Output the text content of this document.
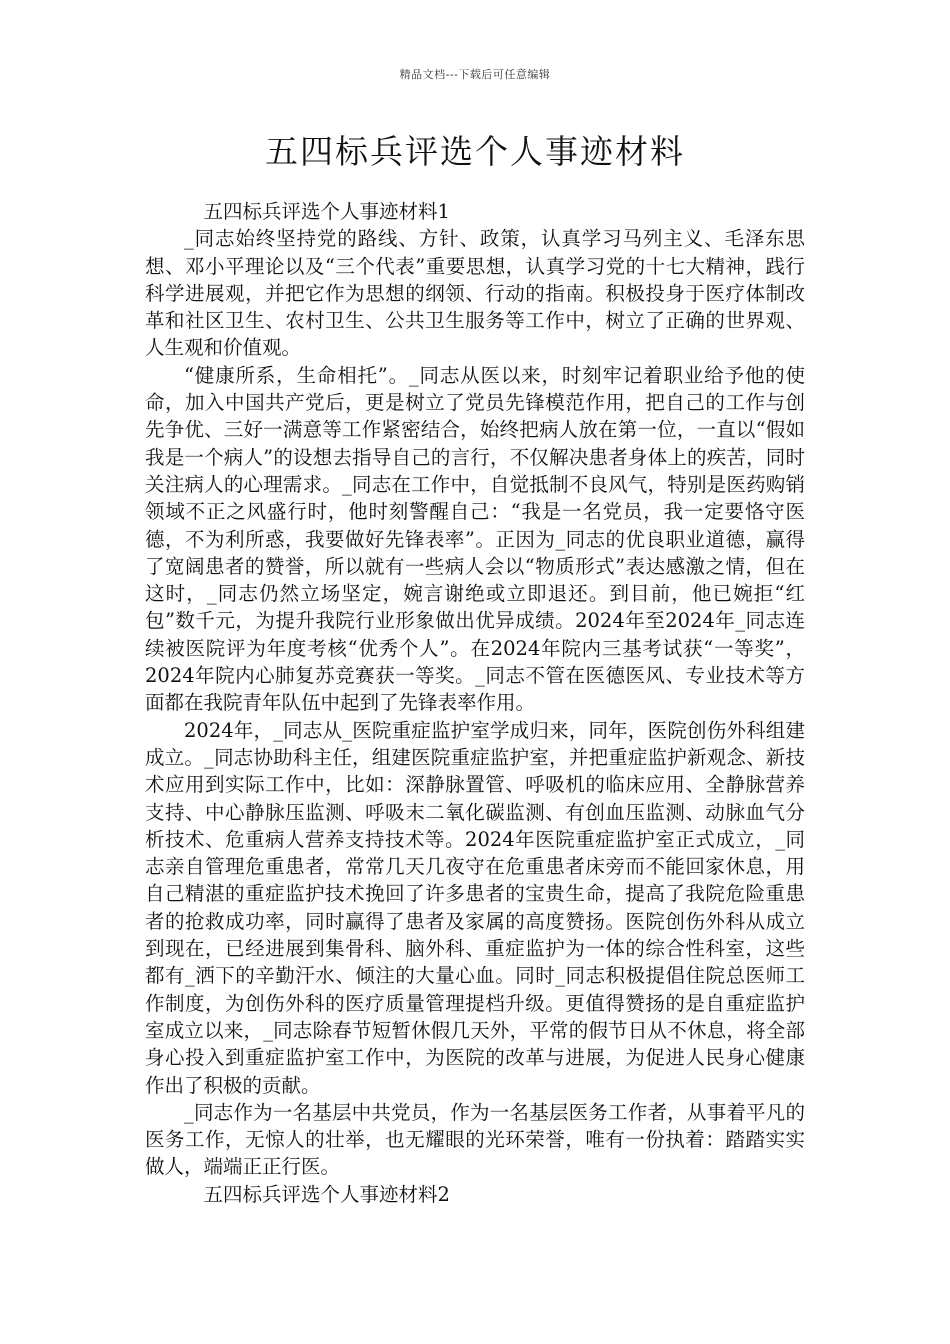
精品文档---下载后可任意编辑
五四标兵评选个人事迹材料

五四标兵评选个人事迹材料1

_同志始终坚持党的路线、方针、政策，认真学习马列主义、毛泽东思想、邓小平理论以及“三个代表”重要思想，认真学习党的十七大精神，践行科学进展观，并把它作为思想的纲领、行动的指南。积极投身于医疗体制改革和社区卫生、农村卫生、公共卫生服务等工作中，树立了正确的世界观、人生观和价值观。

“健康所系，生命相托”。_同志从医以来，时刻牢记着职业给予他的使命，加入中国共产党后，更是树立了党员先锋模范作用，把自己的工作与创先争优、三好一满意等工作紧密结合，始终把病人放在第一位，一直以“假如我是一个病人”的设想去指导自己的言行，不仅解决患者身体上的疾苦，同时关注病人的心理需求。_同志在工作中，自觉抵制不良风气，特别是医药购销领域不正之风盛行时，他时刻警醒自己：“我是一名党员，我一定要恪守医德，不为利所惑，我要做好先锋表率”。正因为_同志的优良职业道德，赢得了宽阔患者的赞誉，所以就有一些病人会以“物质形式”表达感激之情，但在这时，_同志仍然立场坚定，婉言谢绝或立即退还。到目前，他已婉拒“红包”数千元，为提升我院行业形象做出优异成绩。2024年至2024年_同志连续被医院评为年度考核“优秀个人”。在2024年院内三基考试获“一等奖”，2024年院内心肺复苏竞赛获一等奖。_同志不管在医德医风、专业技术等方面都在我院青年队伍中起到了先锋表率作用。

2024年，_同志从_医院重症监护室学成归来，同年，医院创伤外科组建成立。_同志协助科主任，组建医院重症监护室，并把重症监护新观念、新技术应用到实际工作中，比如：深静脉置管、呼吸机的临床应用、全静脉营养支持、中心静脉压监测、呼吸末二氧化碳监测、有创血压监测、动脉血气分析技术、危重病人营养支持技术等。2024年医院重症监护室正式成立，_同志亲自管理危重患者，常常几天几夜守在危重患者床旁而不能回家休息，用自己精湛的重症监护技术挽回了许多患者的宝贵生命，提高了我院危险重患者的抢救成功率，同时赢得了患者及家属的高度赞扬。医院创伤外科从成立到现在，已经进展到集骨科、脑外科、重症监护为一体的综合性科室，这些都有_洒下的辛勤汗水、倾注的大量心血。同时_同志积极提倡住院总医师工作制度，为创伤外科的医疗质量管理提档升级。更值得赞扬的是自重症监护室成立以来，_同志除春节短暂休假几天外，平常的假节日从不休息，将全部身心投入到重症监护室工作中，为医院的改革与进展，为促进人民身心健康作出了积极的贡献。

_同志作为一名基层中共党员，作为一名基层医务工作者，从事着平凡的医务工作，无惊人的壮举，也无耀眼的光环荣誉，唯有一份执着：踏踏实实做人，端端正正行医。

五四标兵评选个人事迹材料2
